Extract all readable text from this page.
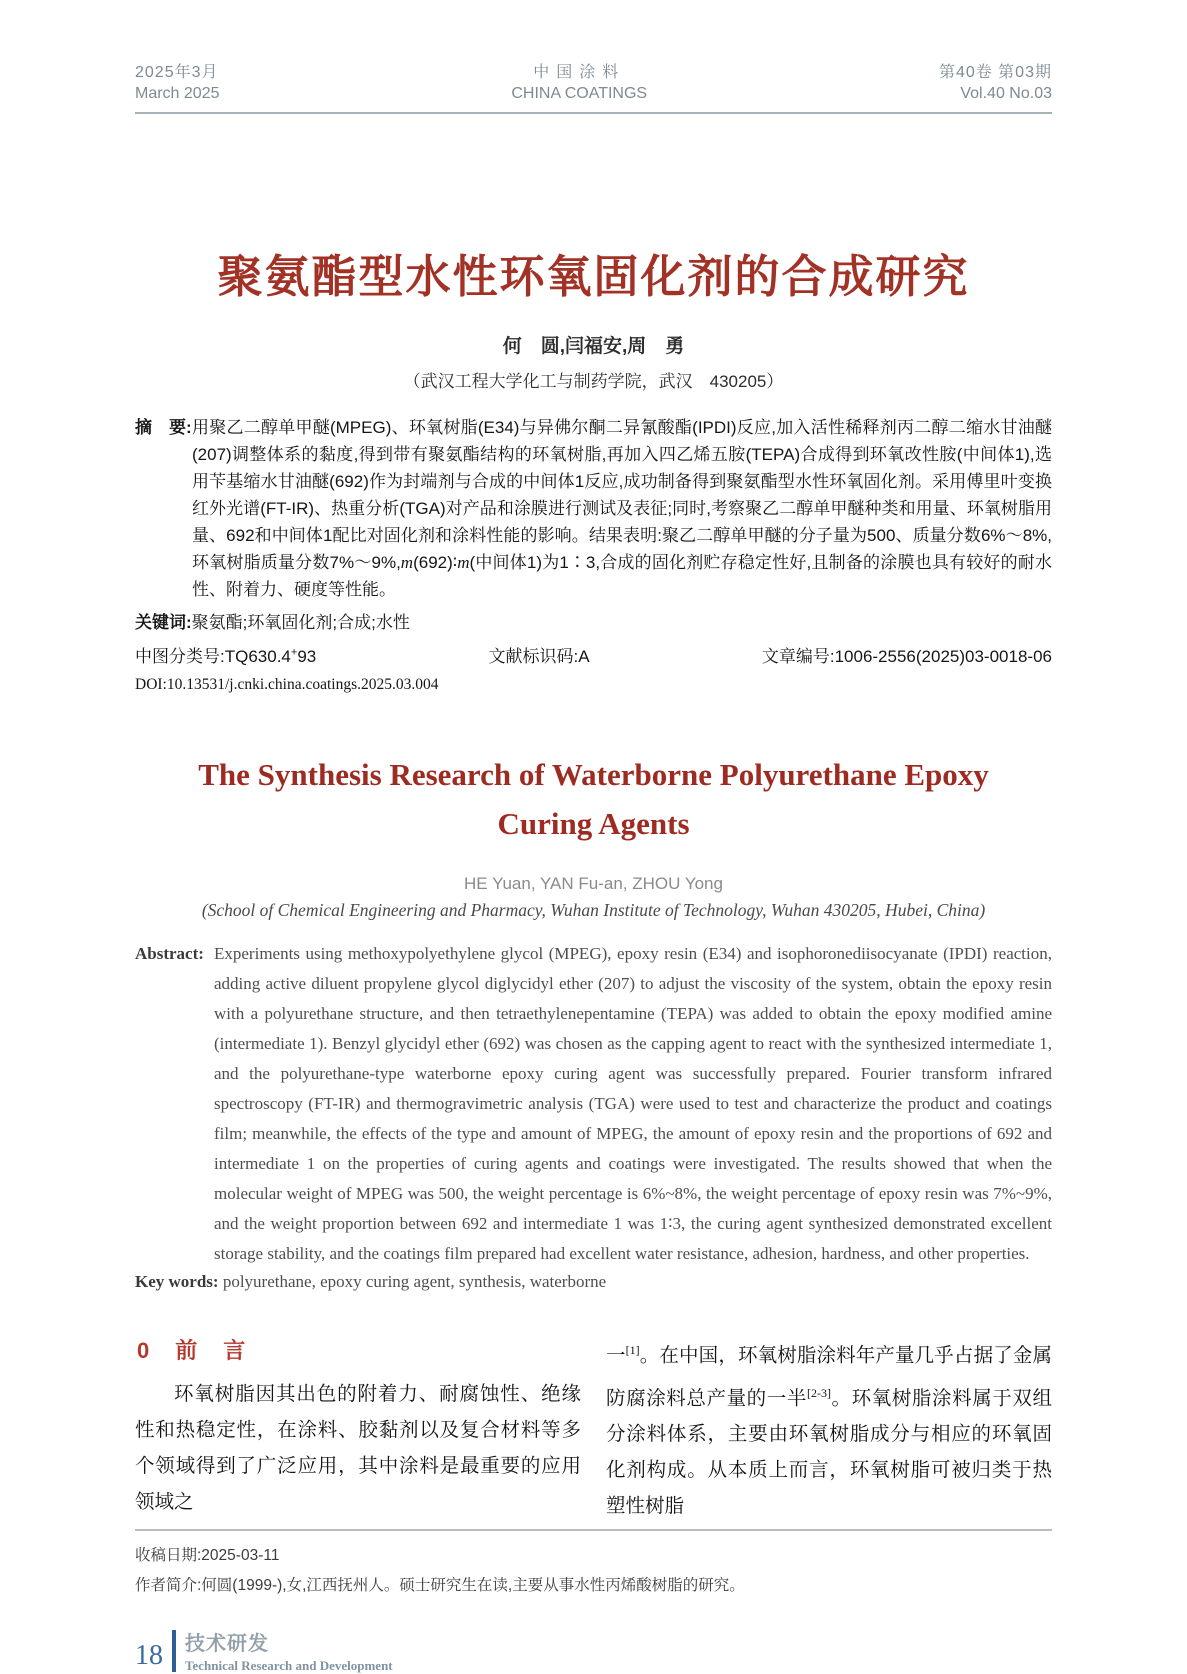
2025年3月
March 2025
中国涂料
CHINA COATINGS
第40卷 第03期
Vol.40 No.03
聚氨酯型水性环氧固化剂的合成研究
何　圆,闫福安,周　勇
（武汉工程大学化工与制药学院，武汉　430205）
摘　要: 用聚乙二醇单甲醚(MPEG)、环氧树脂(E34)与异佛尔酮二异氰酸酯(IPDI)反应,加入活性稀释剂丙二醇二缩水甘油醚(207)调整体系的黏度,得到带有聚氨酯结构的环氧树脂,再加入四乙烯五胺(TEPA)合成得到环氧改性胺(中间体1),选用苄基缩水甘油醚(692)作为封端剂与合成的中间体1反应,成功制备得到聚氨酯型水性环氧固化剂。采用傅里叶变换红外光谱(FT-IR)、热重分析(TGA)对产品和涂膜进行测试及表征;同时,考察聚乙二醇单甲醚种类和用量、环氧树脂用量、692和中间体1配比对固化剂和涂料性能的影响。结果表明:聚乙二醇单甲醚的分子量为500、质量分数6%～8%,环氧树脂质量分数7%～9%,m(692)∶m(中间体1)为1∶3,合成的固化剂贮存稳定性好,且制备的涂膜也具有较好的耐水性、附着力、硬度等性能。
关键词:聚氨酯;环氧固化剂;合成;水性
中图分类号:TQ630.4+93	文献标识码:A	文章编号:1006-2556(2025)03-0018-06
DOI:10.13531/j.cnki.china.coatings.2025.03.004
The Synthesis Research of Waterborne Polyurethane Epoxy
Curing Agents
HE Yuan, YAN Fu-an, ZHOU Yong
(School of Chemical Engineering and Pharmacy, Wuhan Institute of Technology, Wuhan 430205, Hubei, China)
Abstract: Experiments using methoxypolyethylene glycol (MPEG), epoxy resin (E34) and isophoronediisocyanate (IPDI) reaction, adding active diluent propylene glycol diglycidyl ether (207) to adjust the viscosity of the system, obtain the epoxy resin with a polyurethane structure, and then tetraethylenepentamine (TEPA) was added to obtain the epoxy modified amine (intermediate 1). Benzyl glycidyl ether (692) was chosen as the capping agent to react with the synthesized intermediate 1, and the polyurethane-type waterborne epoxy curing agent was successfully prepared. Fourier transform infrared spectroscopy (FT-IR) and thermogravimetric analysis (TGA) were used to test and characterize the product and coatings film; meanwhile, the effects of the type and amount of MPEG, the amount of epoxy resin and the proportions of 692 and intermediate 1 on the properties of curing agents and coatings were investigated. The results showed that when the molecular weight of MPEG was 500, the weight percentage is 6%~8%, the weight percentage of epoxy resin was 7%~9%, and the weight proportion between 692 and intermediate 1 was 1∶3, the curing agent synthesized demonstrated excellent storage stability, and the coatings film prepared had excellent water resistance, adhesion, hardness, and other properties.
Key words: polyurethane, epoxy curing agent, synthesis, waterborne
0　前　言

环氧树脂因其出色的附着力、耐腐蚀性、绝缘性和热稳定性，在涂料、胶黏剂以及复合材料等多个领域得到了广泛应用，其中涂料是最重要的应用领域之

一[1]。在中国，环氧树脂涂料年产量几乎占据了金属防腐涂料总产量的一半[2-3]。环氧树脂涂料属于双组分涂料体系，主要由环氧树脂成分与相应的环氧固化剂构成。从本质上而言，环氧树脂可被归类于热塑性树脂

收稿日期:2025-03-11
作者简介:何圆(1999-),女,江西抚州人。硕士研究生在读,主要从事水性丙烯酸树脂的研究。
18 技术研发
Technical Research and Development
